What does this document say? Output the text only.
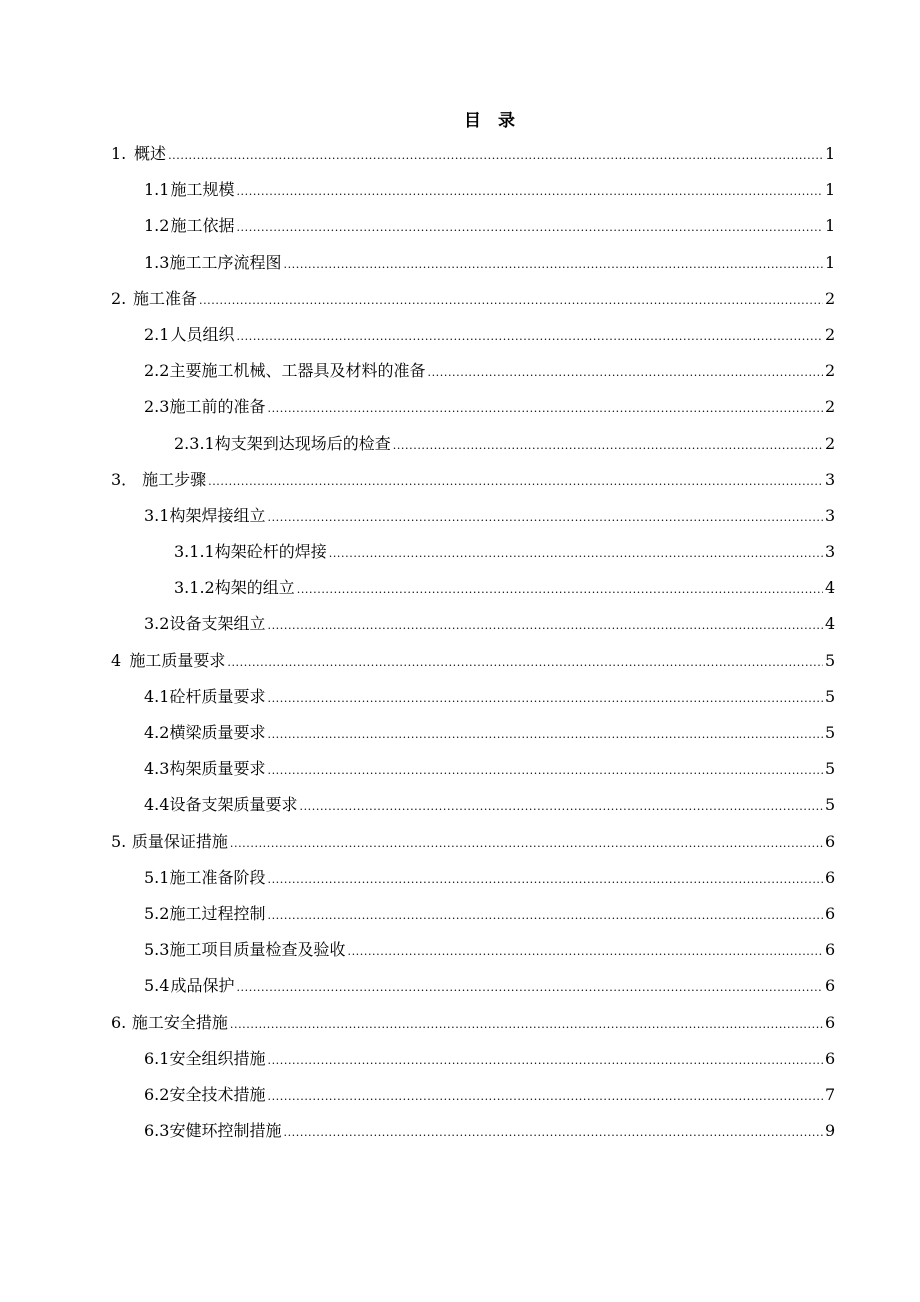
目 录
1. 概述 .....	1
1.1 施工规模 .....	1
1.2 施工依据 .....	1
1.3 施工工序流程图 .....	1
2. 施工准备 .....	2
2.1 人员组织 .....	2
2.2 主要施工机械、工器具及材料的准备 .....	2
2.3 施工前的准备 .....	2
2.3.1 构支架到达现场后的检查 .....	2
3． 施工步骤 .....	3
3.1 构架焊接组立 .....	3
3.1.1 构架砼杆的焊接 .....	3
3.1.2 构架的组立 .....	4
3.2 设备支架组立 .....	4
4 施工质量要求 .....	5
4.1 砼杆质量要求 .....	5
4.2 横梁质量要求 .....	5
4.3 构架质量要求 .....	5
4.4 设备支架质量要求 .....	5
5. 质量保证措施 .....	6
5.1 施工准备阶段 .....	6
5.2 施工过程控制 .....	6
5.3 施工项目质量检查及验收 .....	6
5.4 成品保护 .....	6
6. 施工安全措施 .....	6
6.1 安全组织措施 .....	6
6.2 安全技术措施 .....	7
6.3 安健环控制措施 .....	9
